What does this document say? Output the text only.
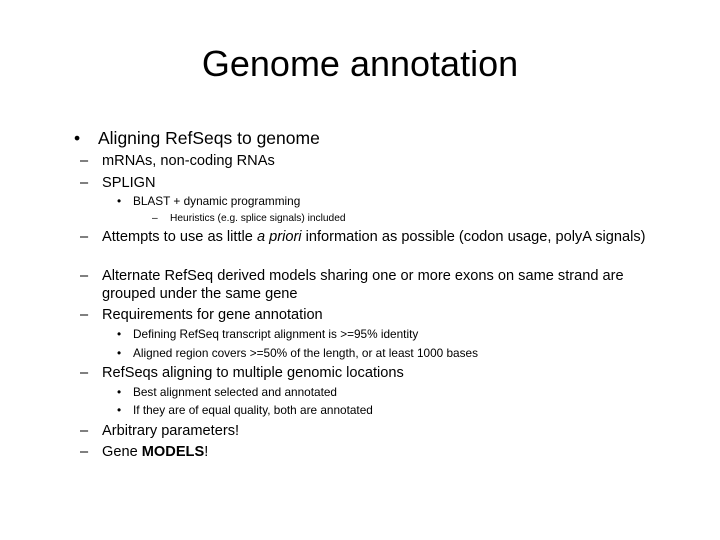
Genome annotation
• Aligning RefSeqs to genome
– mRNAs, non-coding RNAs
– SPLIGN
• BLAST + dynamic programming
– Heuristics (e.g. splice signals) included
– Attempts to use as little a priori information as possible (codon usage, polyA signals)
– Alternate RefSeq derived models sharing one or more exons on same strand are grouped under the same gene
– Requirements for gene annotation
• Defining RefSeq transcript alignment is >=95% identity
• Aligned region covers >=50% of the length, or at least 1000 bases
– RefSeqs aligning to multiple genomic locations
• Best alignment selected and annotated
• If they are of equal quality, both are annotated
– Arbitrary parameters!
– Gene MODELS!
